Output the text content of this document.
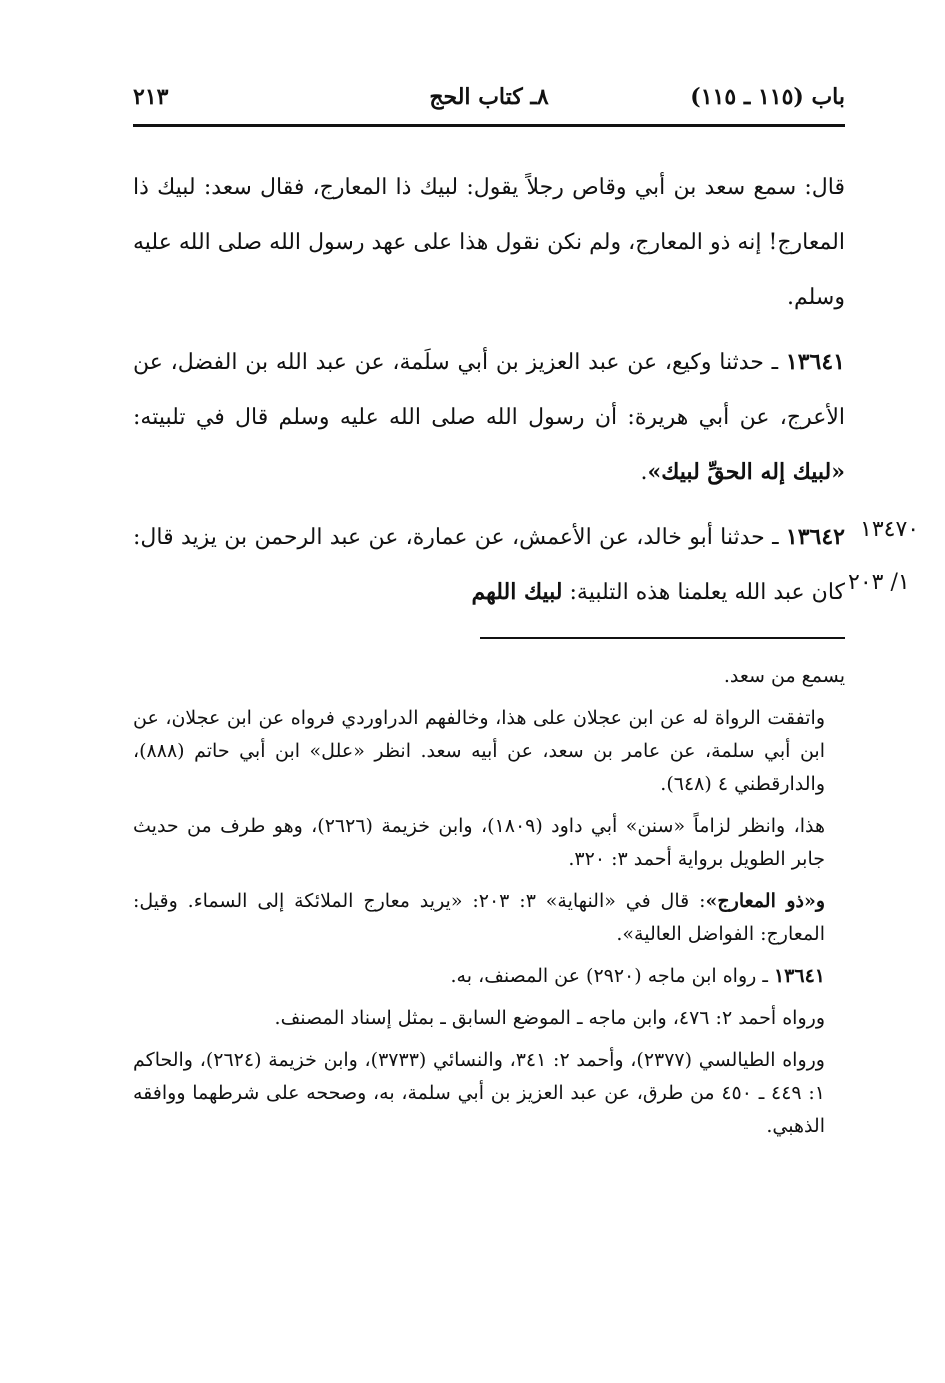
باب (١١٥ ـ ١١٥)
٨ـ كتاب الحج
٢١٣

قال: سمع سعد بن أبي وقاص رجلاً يقول: لبيك ذا المعارج، فقال سعد: لبيك ذا المعارج! إنه ذو المعارج، ولم نكن نقول هذا على عهد رسول الله صلى الله عليه وسلم.

١٣٦٤١ ـ حدثنا وكيع، عن عبد العزيز بن أبي سلَمة، عن عبد الله بن الفضل، عن الأعرج، عن أبي هريرة: أن رسول الله صلى الله عليه وسلم قال في تلبيته: «لبيك إله الحقِّ لبيك».

١٣٦٤٢ ـ حدثنا أبو خالد، عن الأعمش، عن عمارة، عن عبد الرحمن بن يزيد قال: كان عبد الله يعلمنا هذه التلبية: لبيك اللهم

١٣٤٧٠
١/ ٢٠٣

يسمع من سعد.

واتفقت الرواة له عن ابن عجلان على هذا، وخالفهم الدراوردي فرواه عن ابن عجلان، عن ابن أبي سلمة، عن عامر بن سعد، عن أبيه سعد. انظر «علل» ابن أبي حاتم (٨٨٨)، والدارقطني ٤ (٦٤٨).

هذا، وانظر لزاماً «سنن» أبي داود (١٨٠٩)، وابن خزيمة (٢٦٢٦)، وهو طرف من حديث جابر الطويل برواية أحمد ٣: ٣٢٠.

و«ذو المعارج»: قال في «النهاية» ٣: ٢٠٣: «يريد معارج الملائكة إلى السماء. وقيل: المعارج: الفواضل العالية».

١٣٦٤١ ـ رواه ابن ماجه (٢٩٢٠) عن المصنف، به.

ورواه أحمد ٢: ٤٧٦، وابن ماجه ـ الموضع السابق ـ بمثل إسناد المصنف.

ورواه الطيالسي (٢٣٧٧)، وأحمد ٢: ٣٤١، والنسائي (٣٧٣٣)، وابن خزيمة (٢٦٢٤)، والحاكم ١: ٤٤٩ ـ ٤٥٠ من طرق، عن عبد العزيز بن أبي سلمة، به، وصححه على شرطهما ووافقه الذهبي.
